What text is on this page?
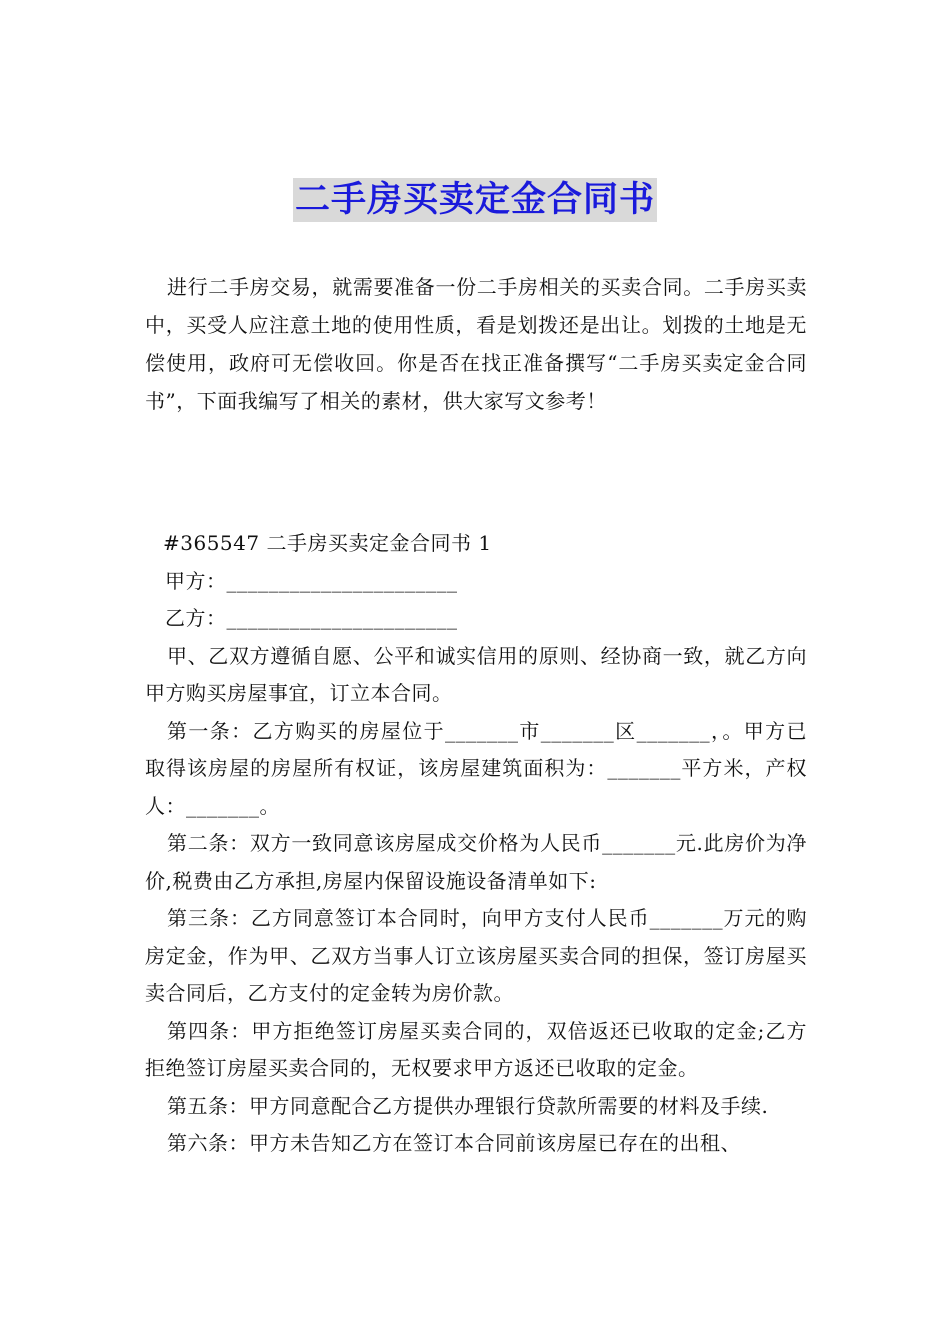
二手房买卖定金合同书

进行二手房交易，就需要准备一份二手房相关的买卖合同。二手房买卖中，买受人应注意土地的使用性质，看是划拨还是出让。划拨的土地是无偿使用，政府可无偿收回。你是否在找正准备撰写“二手房买卖定金合同书”，下面我编写了相关的素材，供大家写文参考！

#365547 二手房买卖定金合同书 1

甲方：______________________

乙方：______________________

甲、乙双方遵循自愿、公平和诚实信用的原则、经协商一致，就乙方向甲方购买房屋事宜，订立本合同。

第一条：乙方购买的房屋位于_______市_______区_______，。甲方已取得该房屋的房屋所有权证，该房屋建筑面积为：_______平方米，产权人：_______。

第二条：双方一致同意该房屋成交价格为人民币_______元.此房价为净价,税费由乙方承担,房屋内保留设施设备清单如下:

第三条：乙方同意签订本合同时，向甲方支付人民币_______万元的购房定金，作为甲、乙双方当事人订立该房屋买卖合同的担保，签订房屋买卖合同后，乙方支付的定金转为房价款。

第四条：甲方拒绝签订房屋买卖合同的，双倍返还已收取的定金;乙方拒绝签订房屋买卖合同的，无权要求甲方返还已收取的定金。

第五条：甲方同意配合乙方提供办理银行贷款所需要的材料及手续.

第六条：甲方未告知乙方在签订本合同前该房屋已存在的出租、
